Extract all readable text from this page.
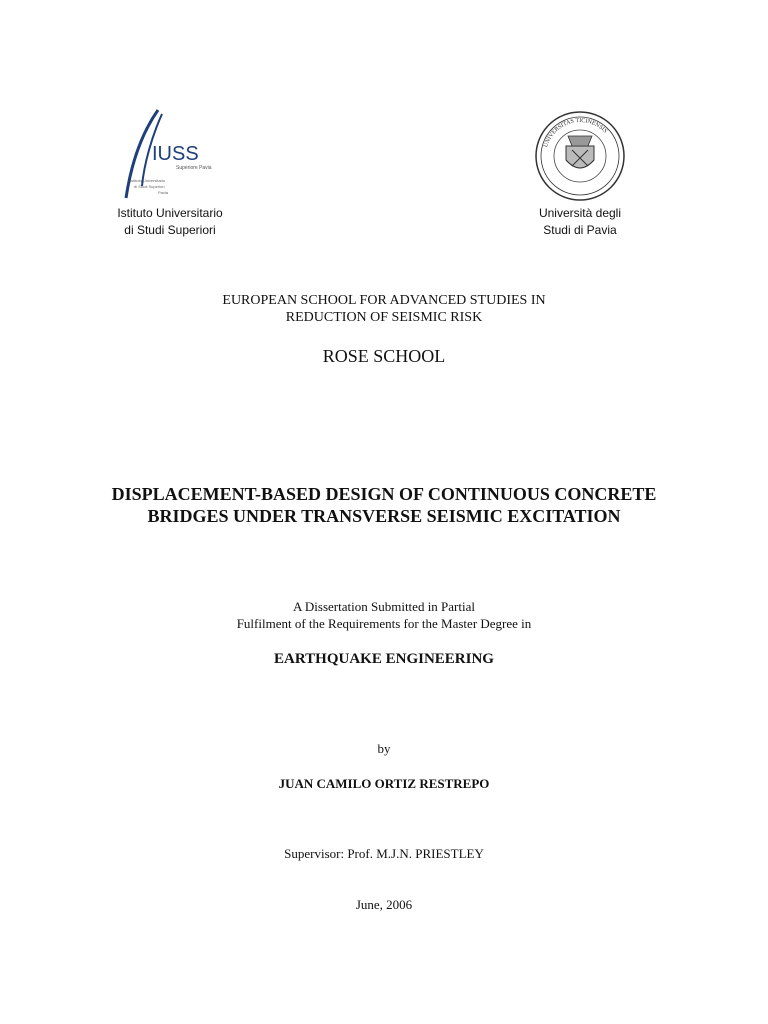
IUSS
Superiore Pavia
Istituto Universitario
di Studi Superiori
Pavia
UNIVERSITAS TICINENSIS
Istituto Universitario
di Studi Superiori
Università degli
Studi di Pavia
EUROPEAN SCHOOL FOR ADVANCED STUDIES IN
REDUCTION OF SEISMIC RISK
ROSE SCHOOL
DISPLACEMENT-BASED DESIGN OF CONTINUOUS CONCRETE
BRIDGES UNDER TRANSVERSE SEISMIC EXCITATION
A Dissertation Submitted in Partial
Fulfilment of the Requirements for the Master Degree in
EARTHQUAKE ENGINEERING
by
JUAN CAMILO ORTIZ RESTREPO
Supervisor: Prof. M.J.N. PRIESTLEY
June, 2006
